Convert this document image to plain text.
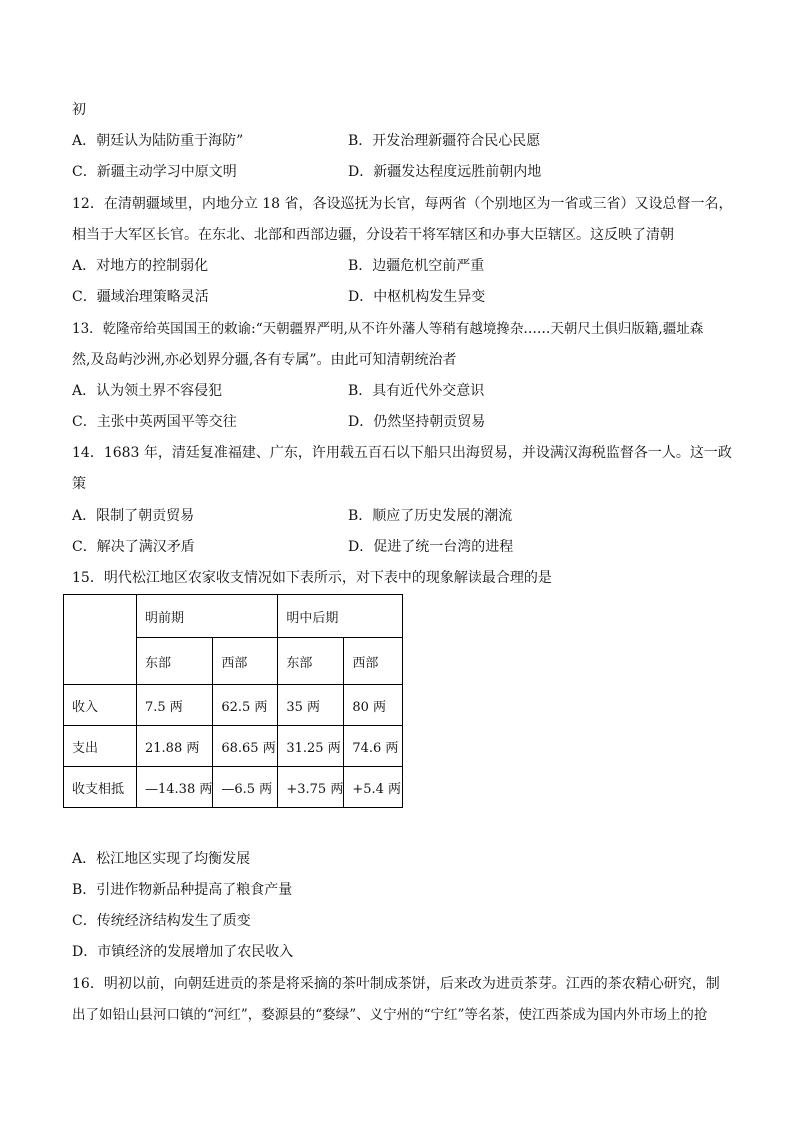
初
A．朝廷认为陆防重于海防”	B．开发治理新疆符合民心民愿
C．新疆主动学习中原文明	D．新疆发达程度远胜前朝内地
12．在清朝疆域里，内地分立 18 省，各设巡抚为长官，每两省（个别地区为一省或三省）又设总督一名，
相当于大军区长官。在东北、北部和西部边疆，分设若干将军辖区和办事大臣辖区。这反映了清朝
A．对地方的控制弱化	B．边疆危机空前严重
C．疆域治理策略灵活	D．中枢机构发生异变
13．乾隆帝给英国国王的敕谕:“天朝疆界严明,从不许外藩人等稍有越境搀杂……天朝尺土俱归版籍,疆址森
然,及岛屿沙洲,亦必划界分疆,各有专属”。由此可知清朝统治者
A．认为领土界不容侵犯	B．具有近代外交意识
C．主张中英两国平等交往	D．仍然坚持朝贡贸易
14．1683 年，清廷复准福建、广东，许用载五百石以下船只出海贸易，并设满汉海税监督各一人。这一政
策
A．限制了朝贡贸易	B．顺应了历史发展的潮流
C．解决了满汉矛盾	D．促进了统一台湾的进程
15．明代松江地区农家收支情况如下表所示，对下表中的现象解读最合理的是
	明前期		明中后期	
	东部	西部	东部	西部
收入	7.5 两	62.5 两	35 两	80 两
支出	21.88 两	68.65 两	31.25 两	74.6 两
收支相抵	—14.38 两	—6.5 两	+3.75 两	+5.4 两
A．松江地区实现了均衡发展
B．引进作物新品种提高了粮食产量
C．传统经济结构发生了质变
D．市镇经济的发展增加了农民收入
16．明初以前，向朝廷进贡的茶是将采摘的茶叶制成茶饼，后来改为进贡茶芽。江西的茶农精心研究，制
出了如铅山县河口镇的“河红”，婺源县的“婺绿”、义宁州的“宁红”等名茶，使江西茶成为国内外市场上的抢
